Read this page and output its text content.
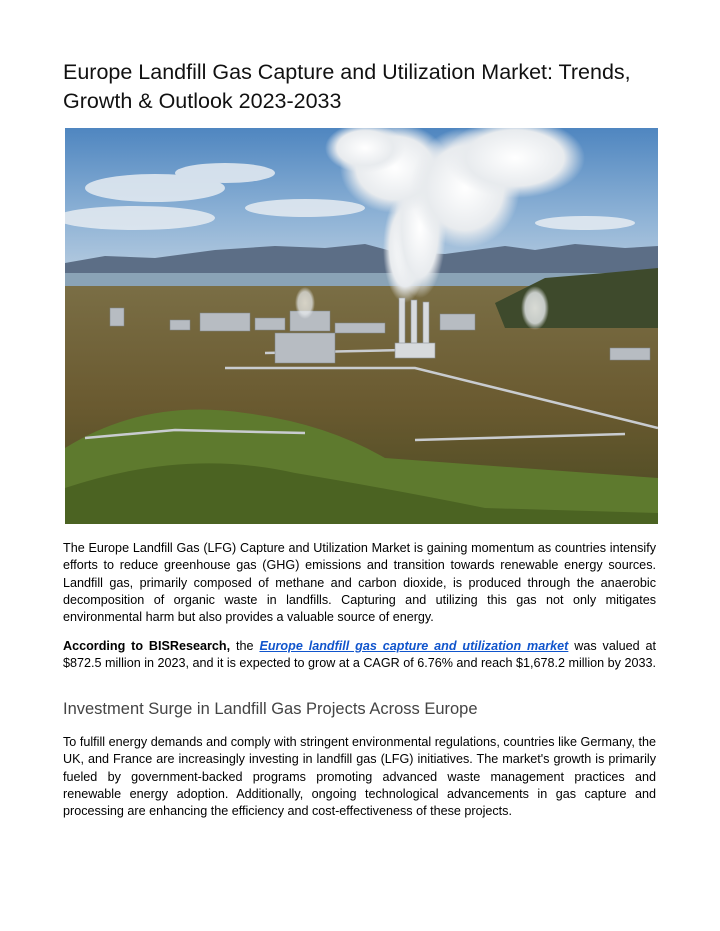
Europe Landfill Gas Capture and Utilization Market: Trends, Growth & Outlook 2023-2033

The Europe Landfill Gas (LFG) Capture and Utilization Market is gaining momentum as countries intensify efforts to reduce greenhouse gas (GHG) emissions and transition towards renewable energy sources. Landfill gas, primarily composed of methane and carbon dioxide, is produced through the anaerobic decomposition of organic waste in landfills. Capturing and utilizing this gas not only mitigates environmental harm but also provides a valuable source of energy.

According to BISResearch, the Europe landfill gas capture and utilization market was valued at $872.5 million in 2023, and it is expected to grow at a CAGR of 6.76% and reach $1,678.2 million by 2033.

Investment Surge in Landfill Gas Projects Across Europe

To fulfill energy demands and comply with stringent environmental regulations, countries like Germany, the UK, and France are increasingly investing in landfill gas (LFG) initiatives. The market's growth is primarily fueled by government-backed programs promoting advanced waste management practices and renewable energy adoption. Additionally, ongoing technological advancements in gas capture and processing are enhancing the efficiency and cost-effectiveness of these projects.
